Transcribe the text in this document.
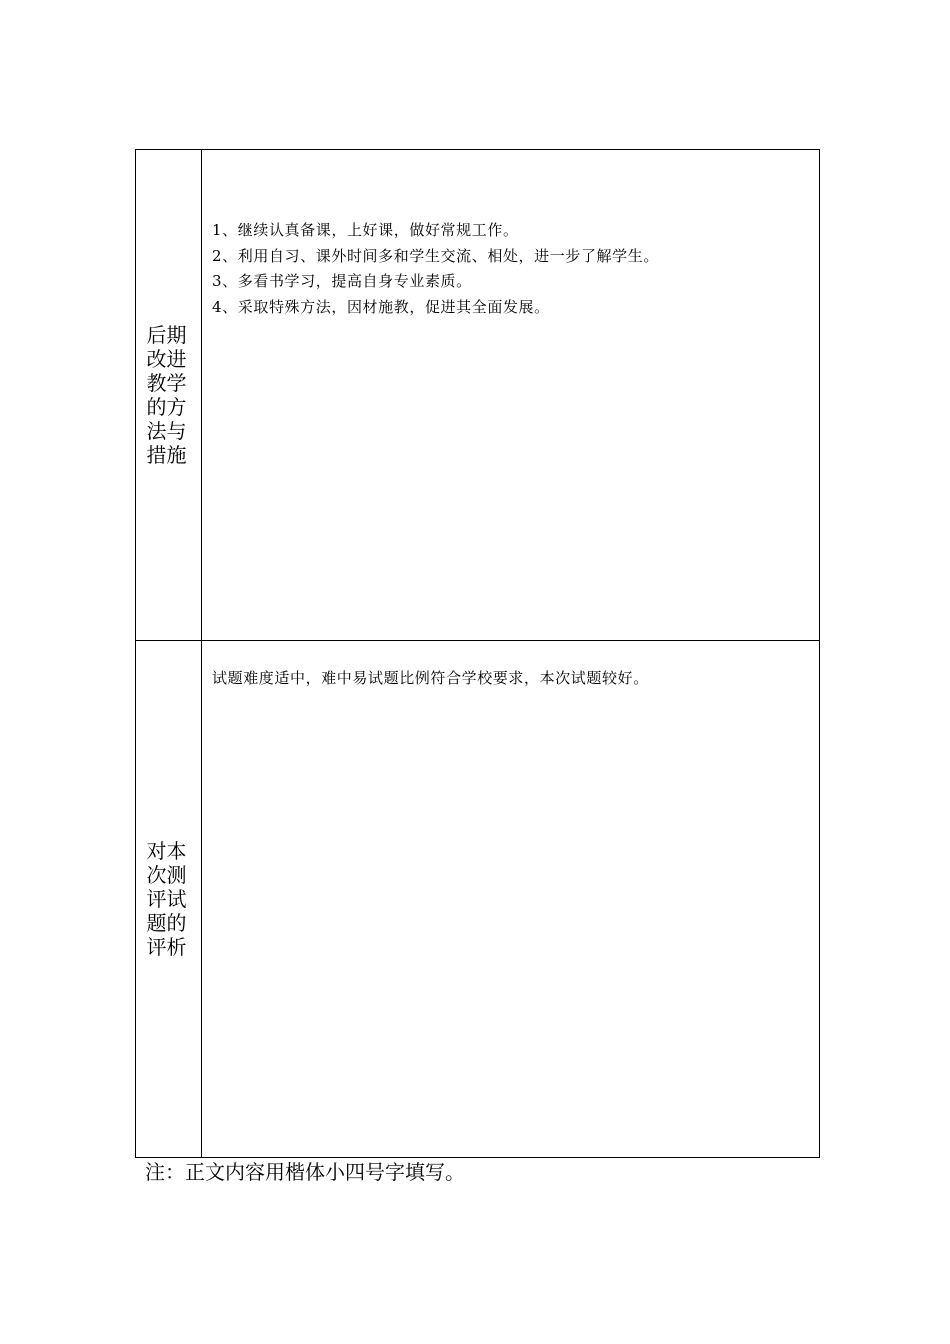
后期改进教学的方法与措施
1、继续认真备课，上好课，做好常规工作。
2、利用自习、课外时间多和学生交流、相处，进一步了解学生。
3、多看书学习，提高自身专业素质。
4、采取特殊方法，因材施教，促进其全面发展。
对本次测评试题的评析

试题难度适中，难中易试题比例符合学校要求，本次试题较好。

注：正文内容用楷体小四号字填写。
